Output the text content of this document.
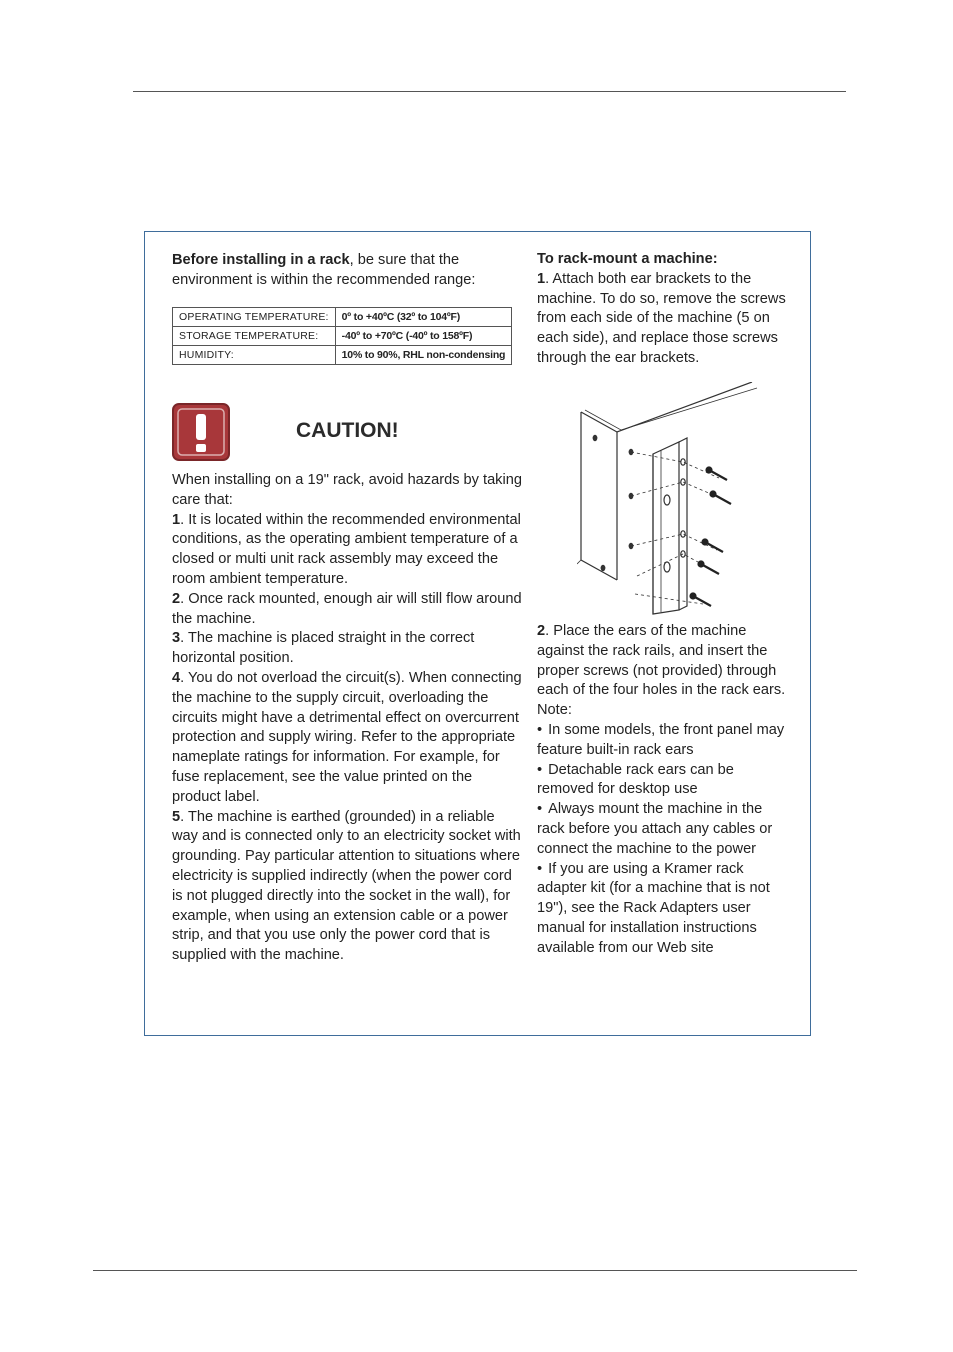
Before installing in a rack, be sure that the environment is within the recommended range:

OPERATING TEMPERATURE:	0º to +40ºC (32º to 104ºF)
STORAGE TEMPERATURE:	-40º to +70ºC (-40º to 158ºF)
HUMIDITY:	10% to 90%, RHL non-condensing
CAUTION!

When installing on a 19" rack, avoid hazards by taking care that:

1. It is located within the recommended environmental conditions, as the operating ambient temperature of a closed or multi unit rack assembly may exceed the room ambient temperature.

2. Once rack mounted, enough air will still flow around the machine.

3. The machine is placed straight in the correct horizontal position.

4. You do not overload the circuit(s). When connecting the machine to the supply circuit, overloading the circuits might have a detrimental effect on overcurrent protection and supply wiring. Refer to the appropriate nameplate ratings for information. For example, for fuse replacement, see the value printed on the product label.

5. The machine is earthed (grounded) in a reliable way and is connected only to an electricity socket with grounding. Pay particular attention to situations where electricity is supplied indirectly (when the power cord is not plugged directly into the socket in the wall), for example, when using an extension cable or a power strip, and that you use only the power cord that is supplied with the machine.

To rack-mount a machine:

1. Attach both ear brackets to the machine. To do so, remove the screws from each side of the machine (5 on each side), and replace those screws through the ear brackets.

2. Place the ears of the machine against the rack rails, and insert the proper screws (not provided) through each of the four holes in the rack ears.

Note:

• In some models, the front panel may feature built-in rack ears

• Detachable rack ears can be removed for desktop use

• Always mount the machine in the rack before you attach any cables or connect the machine to the power

• If you are using a Kramer rack adapter kit (for a machine that is not 19"), see the Rack Adapters user manual for installation instructions available from our Web site
